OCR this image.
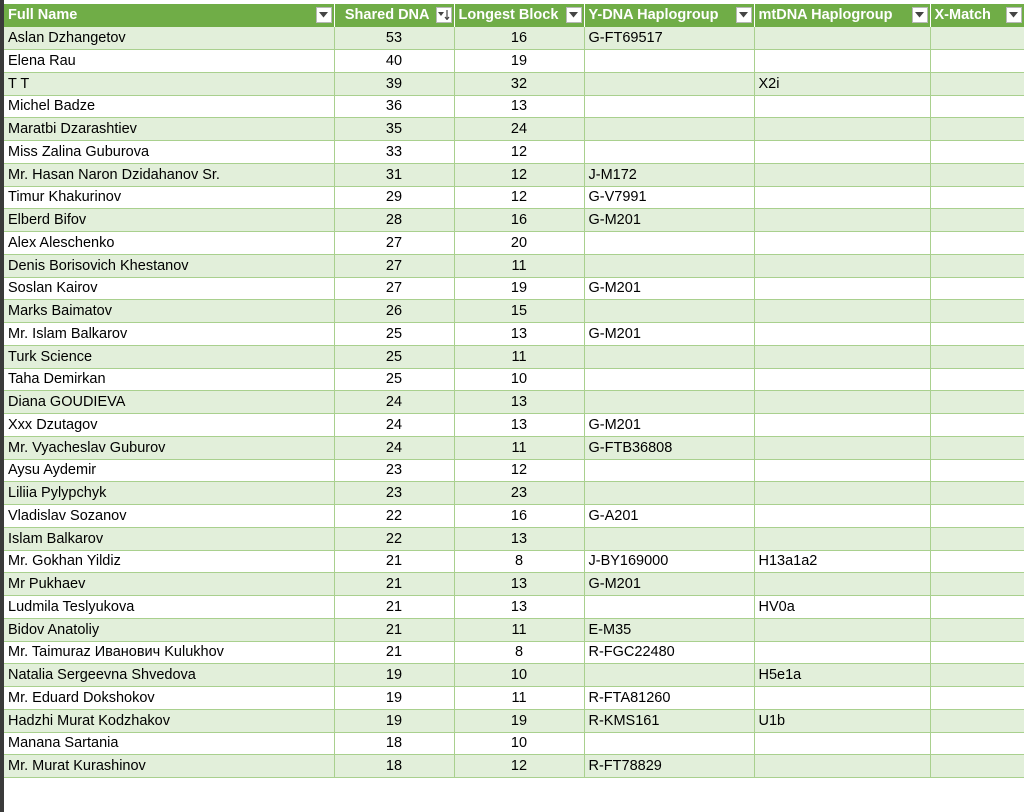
Full Name	Shared DNA	Longest Block	Y-DNA Haplogroup	mtDNA Haplogroup	X-Match

Aslan Dzhangetov	53	16	G-FT69517		
Elena Rau	40	19			
T T	39	32		X2i	
Michel Badze	36	13			
Maratbi Dzarashtiev	35	24			
Miss Zalina Guburova	33	12			
Mr. Hasan Naron Dzidahanov Sr.	31	12	J-M172		
Timur Khakurinov	29	12	G-V7991		
Elberd Bifov	28	16	G-M201		
Alex Aleschenko	27	20			
Denis Borisovich Khestanov	27	11			
Soslan Kairov	27	19	G-M201		
Marks Baimatov	26	15			
Mr. Islam Balkarov	25	13	G-M201		
Turk Science	25	11			
Taha Demirkan	25	10			
Diana GOUDIEVA	24	13			
Xxx Dzutagov	24	13	G-M201		
Mr. Vyacheslav Guburov	24	11	G-FTB36808		
Aysu Aydemir	23	12			
Liliia Pylypchyk	23	23			
Vladislav Sozanov	22	16	G-A201		
Islam Balkarov	22	13			
Mr. Gokhan Yildiz	21	8	J-BY169000	H13a1a2	
Mr Pukhaev	21	13	G-M201		
Ludmila Teslyukova	21	13		HV0a	
Bidov Anatoliy	21	11	E-M35		
Mr. Taimuraz Иванович Kulukhov	21	8	R-FGC22480		
Natalia Sergeevna Shvedova	19	10		H5e1a	
Mr. Eduard Dokshokov	19	11	R-FTA81260		
Hadzhi Murat Kodzhakov	19	19	R-KMS161	U1b	
Manana Sartania	18	10			
Mr. Murat Kurashinov	18	12	R-FT78829		
